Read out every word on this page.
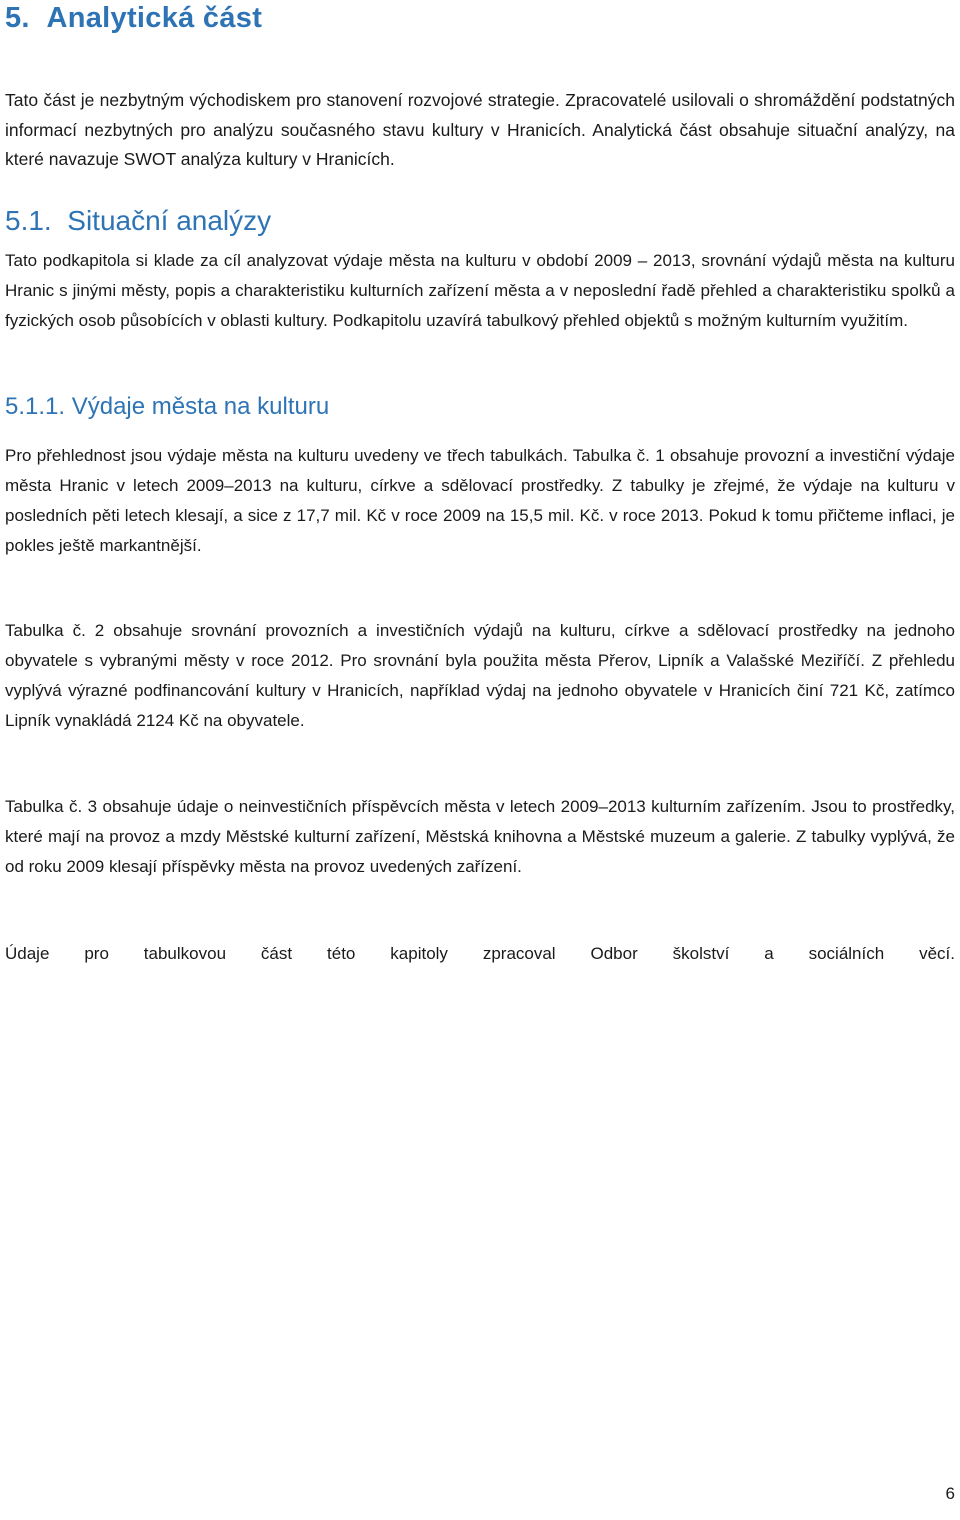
5.  Analytická část

Tato část je nezbytným východiskem pro stanovení rozvojové strategie. Zpracovatelé usilovali o shromáždění podstatných informací nezbytných pro analýzu současného stavu kultury v Hranicích. Analytická část obsahuje situační analýzy, na které navazuje SWOT analýza kultury v Hranicích.

5.1.  Situační analýzy

Tato podkapitola si klade za cíl analyzovat výdaje města na kulturu v období 2009 – 2013, srovnání výdajů města na kulturu Hranic s jinými městy, popis a charakteristiku kulturních zařízení města a v neposlední řadě přehled a charakteristiku spolků a fyzických osob působících v oblasti kultury. Podkapitolu uzavírá tabulkový přehled objektů s možným kulturním využitím.

5.1.1. Výdaje města na kulturu

Pro přehlednost jsou výdaje města na kulturu uvedeny ve třech tabulkách. Tabulka č. 1 obsahuje provozní a investiční výdaje města Hranic v letech 2009–2013 na kulturu, církve a sdělovací prostředky. Z tabulky je zřejmé, že výdaje na kulturu v posledních pěti letech klesají, a sice z 17,7 mil. Kč v roce 2009 na 15,5 mil. Kč. v roce 2013. Pokud k tomu přičteme inflaci, je pokles ještě markantnější.

Tabulka č. 2 obsahuje srovnání provozních a investičních výdajů na kulturu, církve a sdělovací prostředky na jednoho obyvatele s vybranými městy v roce 2012. Pro srovnání byla použita města Přerov, Lipník a Valašské Meziříčí. Z přehledu vyplývá výrazné podfinancování kultury v Hranicích, například výdaj na jednoho obyvatele v Hranicích činí 721 Kč, zatímco Lipník vynakládá 2124 Kč na obyvatele.

Tabulka č. 3 obsahuje údaje o neinvestičních příspěvcích města v letech 2009–2013 kulturním zařízením. Jsou to prostředky, které mají na provoz a mzdy Městské kulturní zařízení, Městská knihovna a Městské muzeum a galerie. Z tabulky vyplývá, že od roku 2009 klesají příspěvky města na provoz uvedených zařízení.

Údaje pro tabulkovou část této kapitoly zpracoval Odbor školství a sociálních věcí.

6
